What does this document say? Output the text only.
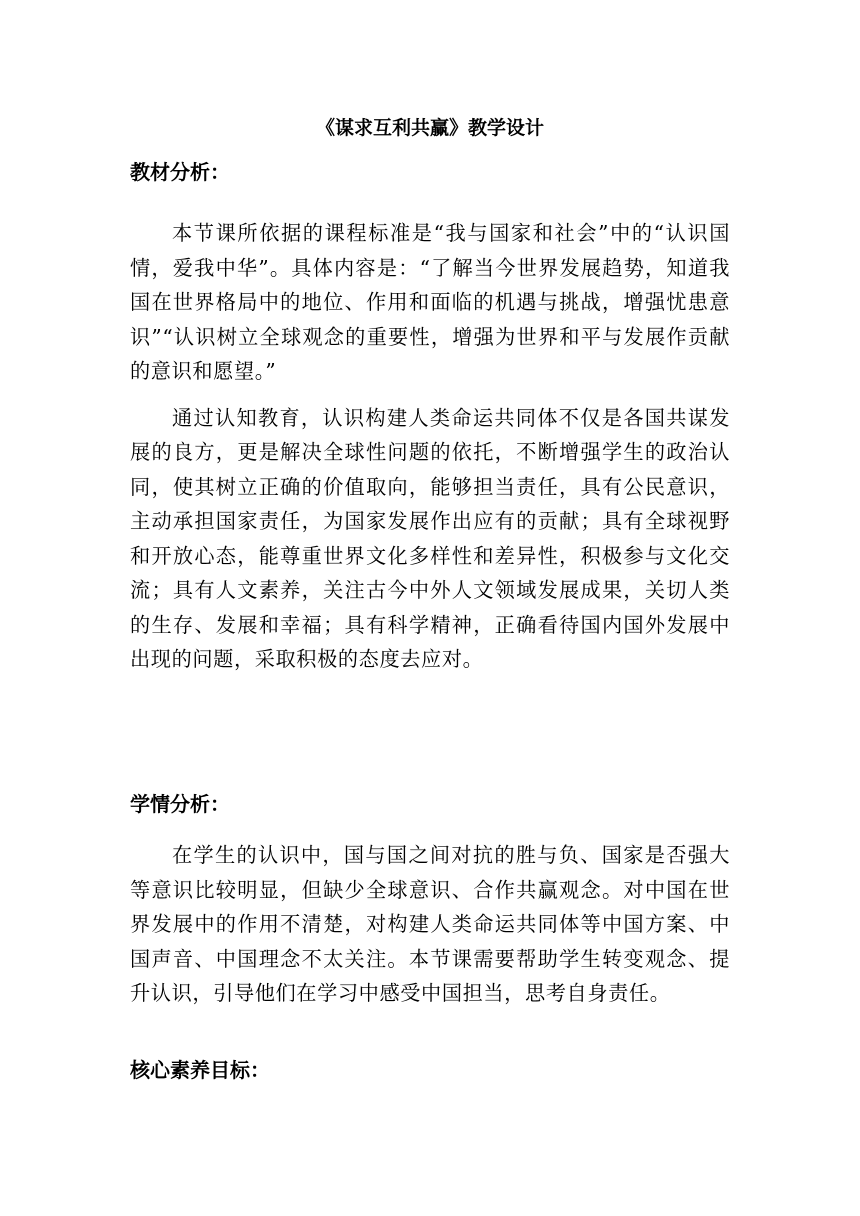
《谋求互利共赢》教学设计
教材分析：

本节课所依据的课程标准是“我与国家和社会”中的“认识国情，爱我中华”。具体内容是：“了解当今世界发展趋势，知道我国在世界格局中的地位、作用和面临的机遇与挑战，增强忧患意识”“认识树立全球观念的重要性，增强为世界和平与发展作贡献的意识和愿望。”

通过认知教育，认识构建人类命运共同体不仅是各国共谋发展的良方，更是解决全球性问题的依托，不断增强学生的政治认同，使其树立正确的价值取向，能够担当责任，具有公民意识，主动承担国家责任，为国家发展作出应有的贡献；具有全球视野和开放心态，能尊重世界文化多样性和差异性，积极参与文化交流；具有人文素养，关注古今中外人文领域发展成果，关切人类的生存、发展和幸福；具有科学精神，正确看待国内国外发展中出现的问题，采取积极的态度去应对。

学情分析：

在学生的认识中，国与国之间对抗的胜与负、国家是否强大等意识比较明显，但缺少全球意识、合作共赢观念。对中国在世界发展中的作用不清楚，对构建人类命运共同体等中国方案、中国声音、中国理念不太关注。本节课需要帮助学生转变观念、提升认识，引导他们在学习中感受中国担当，思考自身责任。

核心素养目标：
